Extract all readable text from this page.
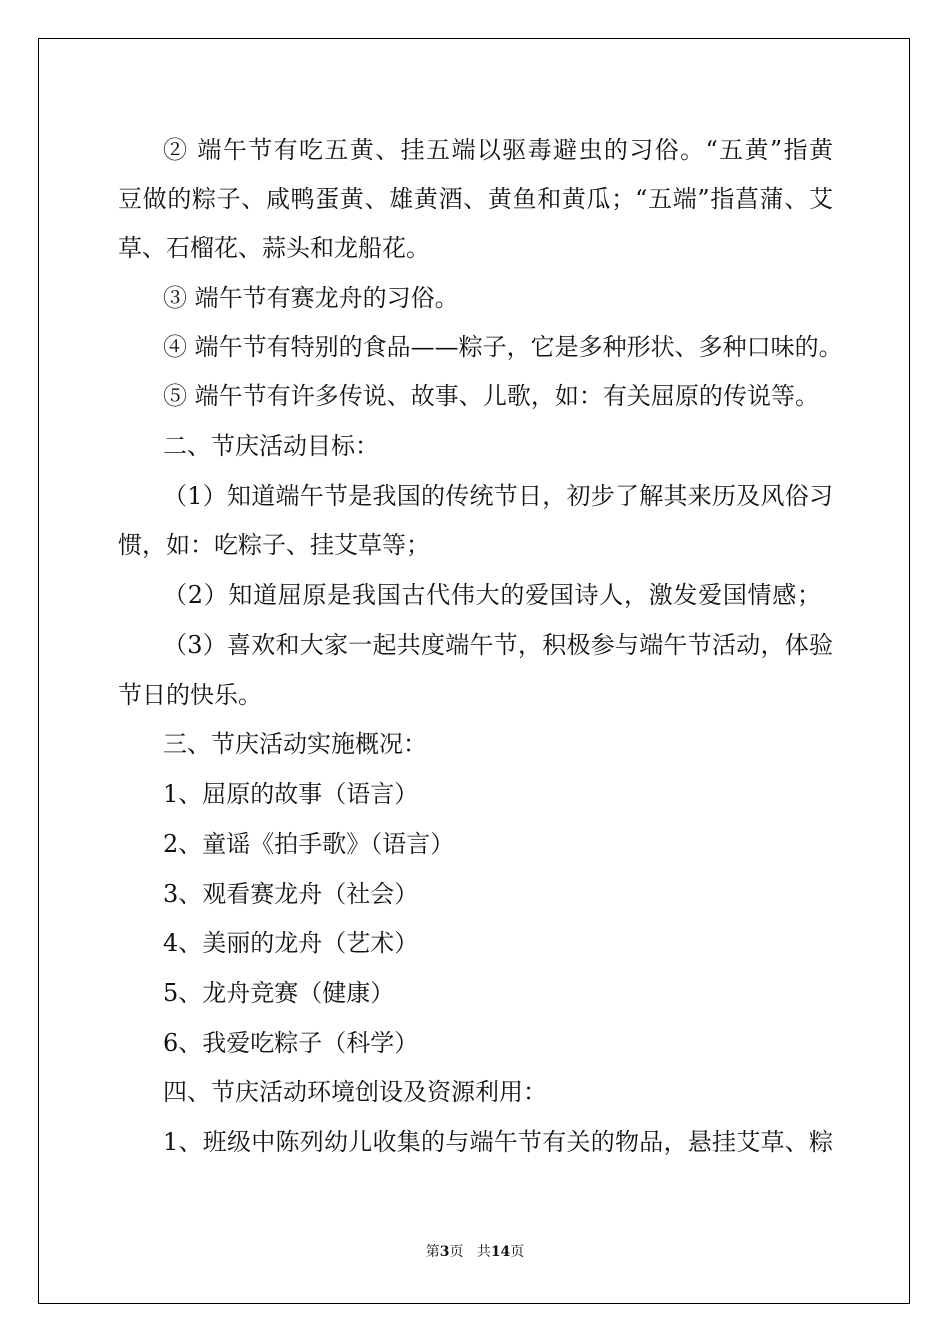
② 端午节有吃五黄、挂五端以驱毒避虫的习俗。“五黄”指黄
豆做的粽子、咸鸭蛋黄、雄黄酒、黄鱼和黄瓜；“五端”指菖蒲、艾
草、石榴花、蒜头和龙船花。
③ 端午节有赛龙舟的习俗。
④ 端午节有特别的食品——粽子，它是多种形状、多种口味的。
⑤ 端午节有许多传说、故事、儿歌，如：有关屈原的传说等。
二、节庆活动目标：
（1）知道端午节是我国的传统节日，初步了解其来历及风俗习
惯，如：吃粽子、挂艾草等；
（2）知道屈原是我国古代伟大的爱国诗人，激发爱国情感；
（3）喜欢和大家一起共度端午节，积极参与端午节活动，体验
节日的快乐。
三、节庆活动实施概况：
1、屈原的故事（语言）
2、童谣《拍手歌》（语言）
3、观看赛龙舟（社会）
4、美丽的龙舟（艺术）
5、龙舟竞赛（健康）
6、我爱吃粽子（科学）
四、节庆活动环境创设及资源利用：
1、班级中陈列幼儿收集的与端午节有关的物品，悬挂艾草、粽
第3页 共14页
